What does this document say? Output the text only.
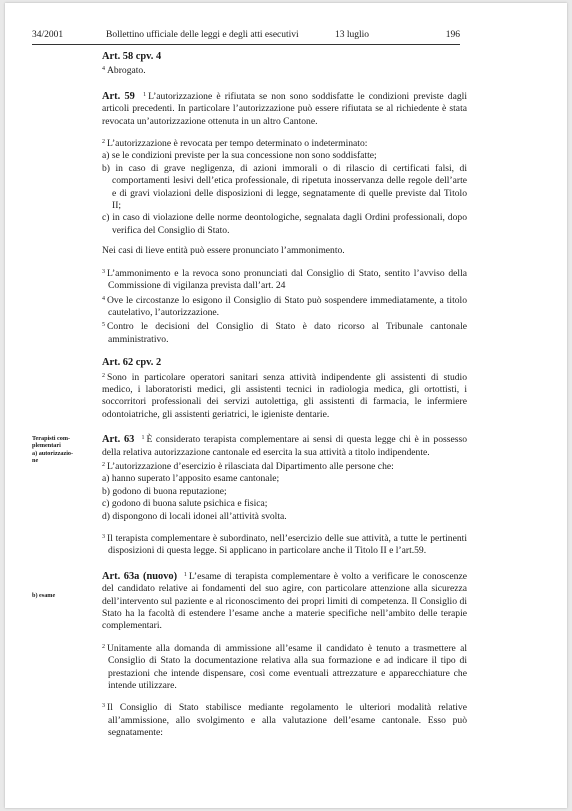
34/2001	Bollettino ufficiale delle leggi e degli atti esecutivi	13 luglio	196
Terapisti com-
plementari
a) autorizzazio-
ne
b) esame

Art. 58 cpv. 4

$^4$ Abrogato.

Art. 59 $^1$ L’autorizzazione è rifiutata se non sono soddisfatte le condizioni previste dagli articoli precedenti. In particolare l’autorizzazione può essere rifiutata se al richiedente è stata revocata un’autorizzazione ottenuta in un altro Cantone.

$^2$ L’autorizzazione è revocata per tempo determinato o indeterminato:

a) se le condizioni previste per la sua concessione non sono soddisfatte;

b) in caso di grave negligenza, di azioni immorali o di rilascio di certificati falsi, di comportamenti lesivi dell’etica professionale, di ripetuta inosservanza delle regole dell’arte e di gravi violazioni delle disposizioni di legge, segnatamente di quelle previste dal Titolo II;

c) in caso di violazione delle norme deontologiche, segnalata dagli Ordini professionali, dopo verifica del Consiglio di Stato.

Nei casi di lieve entità può essere pronunciato l’ammonimento.

$^3$ L’ammonimento e la revoca sono pronunciati dal Consiglio di Stato, sentito l’avviso della Commissione di vigilanza prevista dall’art. 24

$^4$ Ove le circostanze lo esigono il Consiglio di Stato può sospendere immediatamente, a titolo cautelativo, l’autorizzazione.

$^5$ Contro le decisioni del Consiglio di Stato è dato ricorso al Tribunale cantonale amministrativo.

Art. 62 cpv. 2

$^2$ Sono in particolare operatori sanitari senza attività indipendente gli assistenti di studio medico, i laboratoristi medici, gli assistenti tecnici in radiologia medica, gli ortottisti, i soccorritori professionali dei servizi autolettiga, gli assistenti di farmacia, le infermiere odontoiatriche, gli assistenti geriatrici, le igieniste dentarie.

Art. 63 $^1$ È considerato terapista complementare ai sensi di questa legge chi è in possesso della relativa autorizzazione cantonale ed esercita la sua attività a titolo indipendente.

$^2$ L’autorizzazione d’esercizio è rilasciata dal Dipartimento alle persone che:

a) hanno superato l’apposito esame cantonale;

b) godono di buona reputazione;

c) godono di buona salute psichica e fisica;

d) dispongono di locali idonei all’attività svolta.

$^3$ Il terapista complementare è subordinato, nell’esercizio delle sue attività, a tutte le pertinenti disposizioni di questa legge. Si applicano in particolare anche il Titolo II e l’art.59.

Art. 63a (nuovo) $^1$ L’esame di terapista complementare è volto a verificare le conoscenze del candidato relative ai fondamenti del suo agire, con particolare attenzione alla sicurezza dell’intervento sul paziente e al riconoscimento dei propri limiti di competenza. Il Consiglio di Stato ha la facoltà di estendere l’esame anche a materie specifiche nell’ambito delle terapie complementari.

$^2$ Unitamente alla domanda di ammissione all’esame il candidato è tenuto a trasmettere al Consiglio di Stato la documentazione relativa alla sua formazione e ad indicare il tipo di prestazioni che intende dispensare, così come eventuali attrezzature e apparecchiature che intende utilizzare.

$^3$ Il Consiglio di Stato stabilisce mediante regolamento le ulteriori modalità relative all’ammissione, allo svolgimento e alla valutazione dell’esame cantonale. Esso può segnatamente:
